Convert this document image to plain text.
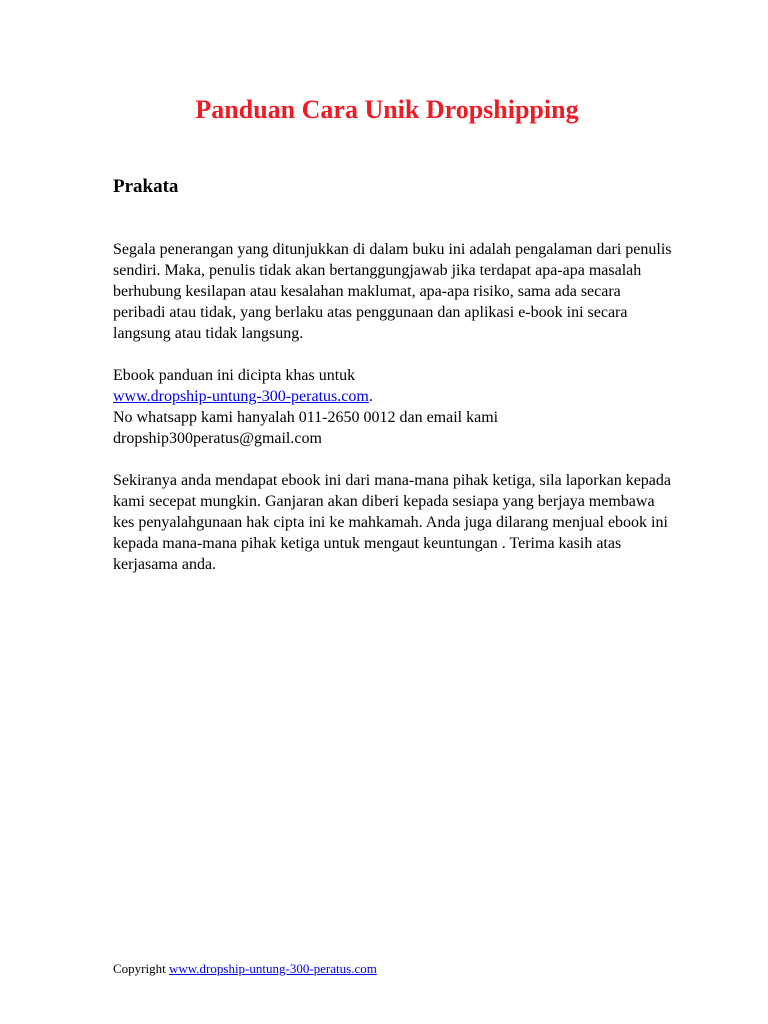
Panduan Cara Unik Dropshipping
Prakata

Segala penerangan yang ditunjukkan di dalam buku ini adalah pengalaman dari penulis sendiri. Maka, penulis tidak akan bertanggungjawab jika terdapat apa-apa masalah berhubung kesilapan atau kesalahan maklumat, apa-apa risiko, sama ada secara peribadi atau tidak, yang berlaku atas penggunaan dan aplikasi e-book ini secara langsung atau tidak langsung.

Ebook panduan ini dicipta khas untuk
www.dropship-untung-300-peratus.com.
No whatsapp kami hanyalah 011-2650 0012 dan email kami
dropship300peratus@gmail.com

Sekiranya anda mendapat ebook ini dari mana-mana pihak ketiga, sila laporkan kepada kami secepat mungkin. Ganjaran akan diberi kepada sesiapa yang berjaya membawa kes penyalahgunaan hak cipta ini ke mahkamah. Anda juga dilarang menjual ebook ini kepada mana-mana pihak ketiga untuk mengaut keuntungan . Terima kasih atas kerjasama anda.

Copyright www.dropship-untung-300-peratus.com
